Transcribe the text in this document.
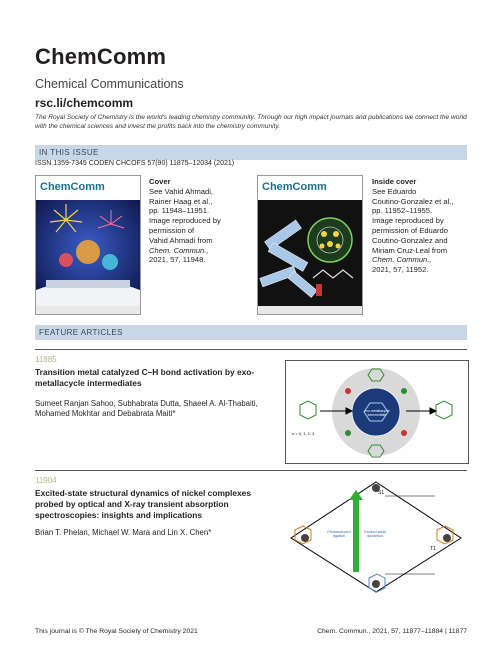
ChemComm
Chemical Communications
rsc.li/chemcomm
The Royal Society of Chemistry is the world's leading chemistry community. Through our high impact journals and publications we connect the world with the chemical sciences and invest the profits back into the chemistry community.
IN THIS ISSUE
ISSN 1359-7345 CODEN CHCOFS 57(90) 11875–12034 (2021)
ChemComm	Cover
See Vahid Ahmadi,
Rainer Haag et al.,
pp. 11948–11951.
Image reproduced by
permission of
Vahid Ahmadi from
Chem. Commun.,
2021, 57, 11948.
ChemComm	Inside cover
See Eduardo
Coutino-Gonzalez et al.,
pp. 11952–11955.
Image reproduced by
permission of Eduardo
Coutino-Gonzalez and
Miriam Cruz-Leal from
Chem. Commun.,
2021, 57, 11952.
FEATURE ARTICLES
11885
Transition metal catalyzed C–H bond activation by exo-metallacycle intermediates
Sumeet Ranjan Sahoo, Subhabrata Dutta, Shaeel A. Al-Thabaiti, Mohamed Mokhtar and Debabrata Maiti*	exo-metallacycle intermediate
n = 0, 1, 2, 3
11904
Excited-state structural dynamics of nickel complexes probed by optical and X-ray transient absorption spectroscopies: insights and implications
Brian T. Phelan, Michael W. Mara and Lin X. Chen*
S1
T1
Photoinduced ligation
Excited state dynamics
This journal is © The Royal Society of Chemistry 2021	Chem. Commun., 2021, 57, 11877–11884 | 11877
